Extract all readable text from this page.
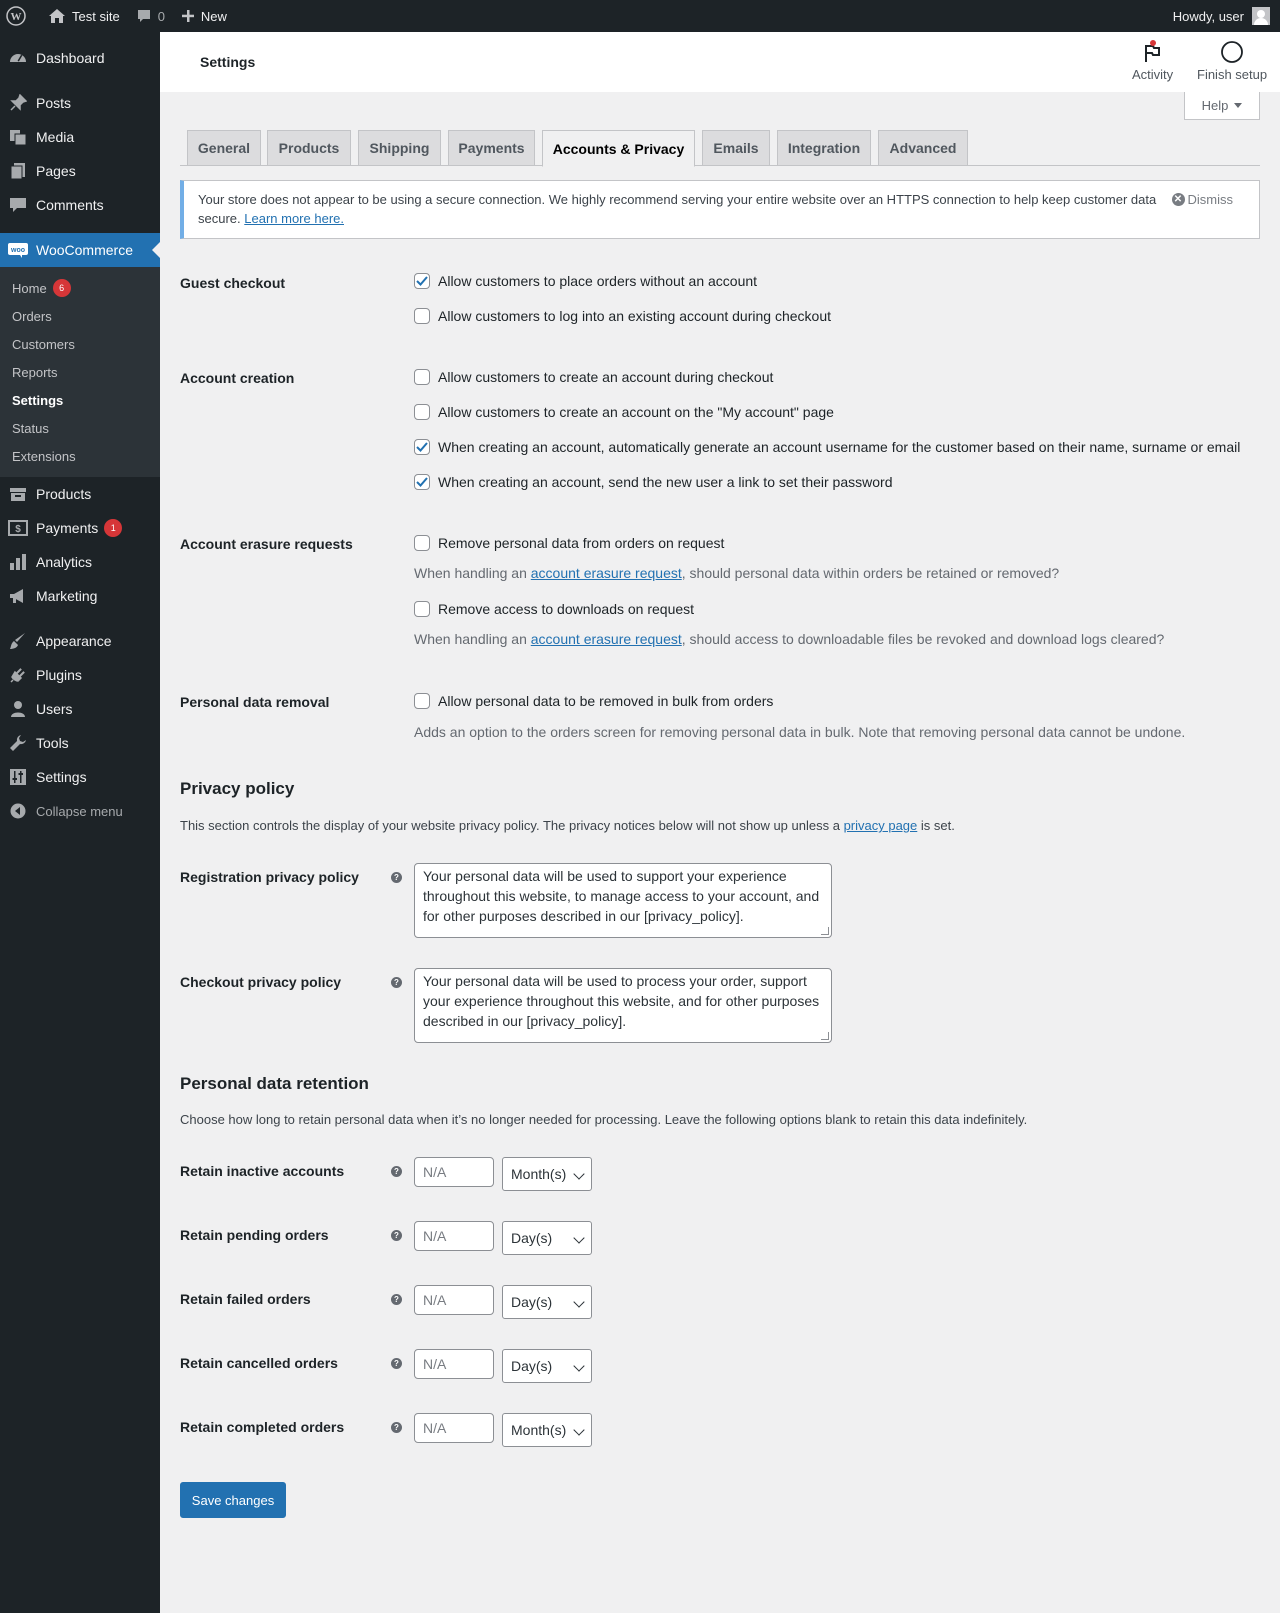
W	Test site	0	New	Howdy, user
Dashboard
Posts
Media
Pages
Comments
woo WooCommerce
Home	6
Orders
Customers
Reports
Settings
Status
Extensions
Products
$ Payments	1
Analytics
Marketing
Appearance
Plugins
Users
Tools
Settings
Collapse menu
Settings
Activity Finish setup
Help
General Products Shipping Payments Accounts & Privacy Emails Integration Advanced
Your store does not appear to be using a secure connection. We highly recommend serving your entire website over an HTTPS connection to help keep customer data secure. Learn more here.
✕ Dismiss
Guest checkout	Allow customers to place orders without an account
Allow customers to log into an existing account during checkout
Account creation	Allow customers to create an account during checkout
Allow customers to create an account on the "My account" page
When creating an account, automatically generate an account username for the customer based on their name, surname or email
When creating an account, send the new user a link to set their password
Account erasure requests	Remove personal data from orders on request
When handling an account erasure request, should personal data within orders be retained or removed?
Remove access to downloads on request
When handling an account erasure request, should access to downloadable files be revoked and download logs cleared?
Personal data removal	Allow personal data to be removed in bulk from orders
Adds an option to the orders screen for removing personal data in bulk. Note that removing personal data cannot be undone.
Privacy policy
This section controls the display of your website privacy policy. The privacy notices below will not show up unless a privacy page is set.
Registration privacy policy	?	Your personal data will be used to support your experience throughout this website, to manage access to your account, and for other purposes described in our [privacy_policy].
Checkout privacy policy	?	Your personal data will be used to process your order, support your experience throughout this website, and for other purposes described in our [privacy_policy].
Personal data retention
Choose how long to retain personal data when it’s no longer needed for processing. Leave the following options blank to retain this data indefinitely.
Retain inactive accounts	?	N/A	Month(s)
Retain pending orders	?	N/A	Day(s)
Retain failed orders	?	N/A	Day(s)
Retain cancelled orders	?	N/A	Day(s)
Retain completed orders	?	N/A	Month(s)
Save changes
